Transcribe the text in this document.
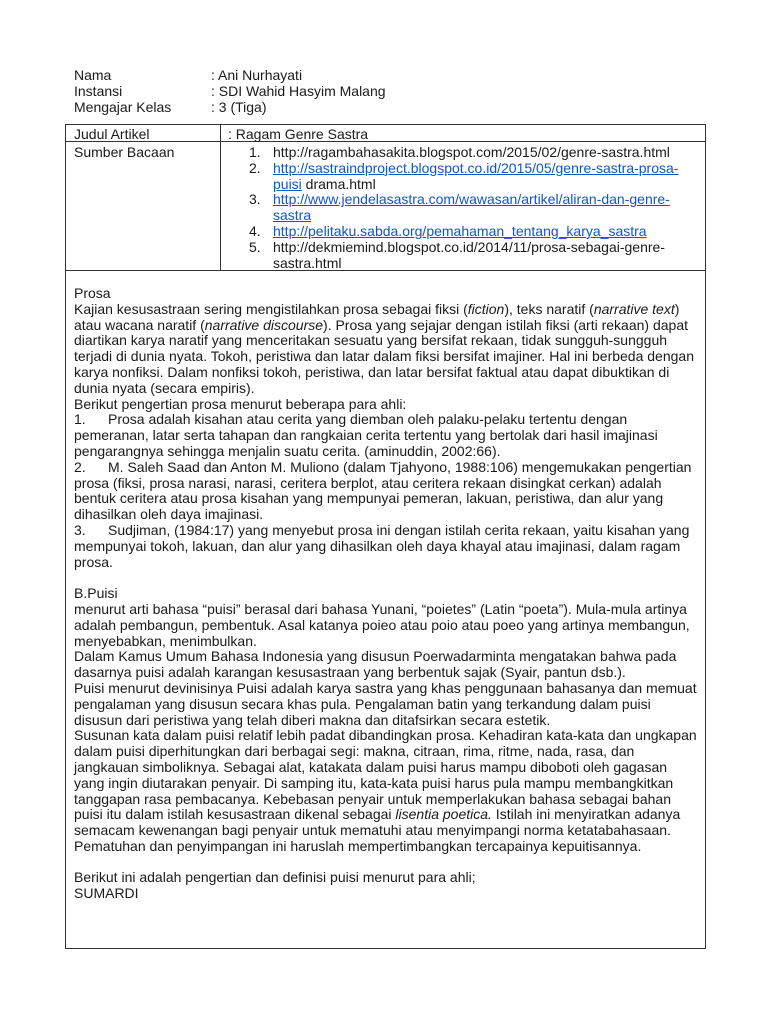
Nama	: Ani Nurhayati
Instansi	: SDI Wahid Hasyim Malang
Mengajar Kelas	: 3 (Tiga)
Judul Artikel	: Ragam Genre Sastra
Sumber Bacaan	1. http://ragambahasakita.blogspot.com/2015/02/genre-sastra.html
2. http://sastraindproject.blogspot.co.id/2015/05/genre-sastra-prosa-puisi drama.html
3. http://www.jendelasastra.com/wawasan/artikel/aliran-dan-genre-sastra
4. http://pelitaku.sabda.org/pemahaman_tentang_karya_sastra
5. http://dekmiemind.blogspot.co.id/2014/11/prosa-sebagai-genre-sastra.html

Prosa

Kajian kesusastraan sering mengistilahkan prosa sebagai fiksi (fiction), teks naratif (narrative text) atau wacana naratif (narrative discourse). Prosa yang sejajar dengan istilah fiksi (arti rekaan) dapat diartikan karya naratif yang menceritakan sesuatu yang bersifat rekaan, tidak sungguh-sungguh terjadi di dunia nyata. Tokoh, peristiwa dan latar dalam fiksi bersifat imajiner. Hal ini berbeda dengan karya nonfiksi. Dalam nonfiksi tokoh, peristiwa, dan latar bersifat faktual atau dapat dibuktikan di dunia nyata (secara empiris).

Berikut pengertian prosa menurut beberapa para ahli:

1. Prosa adalah kisahan atau cerita yang diemban oleh palaku-pelaku tertentu dengan pemeranan, latar serta tahapan dan rangkaian cerita tertentu yang bertolak dari hasil imajinasi pengarangnya sehingga menjalin suatu cerita. (aminuddin, 2002:66).

2. M. Saleh Saad dan Anton M. Muliono (dalam Tjahyono, 1988:106) mengemukakan pengertian prosa (fiksi, prosa narasi, narasi, ceritera berplot, atau ceritera rekaan disingkat cerkan) adalah bentuk ceritera atau prosa kisahan yang mempunyai pemeran, lakuan, peristiwa, dan alur yang dihasilkan oleh daya imajinasi.

3. Sudjiman, (1984:17) yang menyebut prosa ini dengan istilah cerita rekaan, yaitu kisahan yang mempunyai tokoh, lakuan, dan alur yang dihasilkan oleh daya khayal atau imajinasi, dalam ragam prosa.

B.Puisi

menurut arti bahasa “puisi” berasal dari bahasa Yunani, “poietes” (Latin “poeta”). Mula-mula artinya adalah pembangun, pembentuk. Asal katanya poieo atau poio atau poeo yang artinya membangun, menyebabkan, menimbulkan.

Dalam Kamus Umum Bahasa Indonesia yang disusun Poerwadarminta mengatakan bahwa pada dasarnya puisi adalah karangan kesusastraan yang berbentuk sajak (Syair, pantun dsb.).

Puisi menurut devinisinya Puisi adalah karya sastra yang khas penggunaan bahasanya dan memuat pengalaman yang disusun secara khas pula. Pengalaman batin yang terkandung dalam puisi disusun dari peristiwa yang telah diberi makna dan ditafsirkan secara estetik.

Susunan kata dalam puisi relatif lebih padat dibandingkan prosa. Kehadiran kata-kata dan ungkapan dalam puisi diperhitungkan dari berbagai segi: makna, citraan, rima, ritme, nada, rasa, dan jangkauan simboliknya. Sebagai alat, katakata dalam puisi harus mampu diboboti oleh gagasan yang ingin diutarakan penyair. Di samping itu, kata-kata puisi harus pula mampu membangkitkan tanggapan rasa pembacanya. Kebebasan penyair untuk memperlakukan bahasa sebagai bahan puisi itu dalam istilah kesusastraan dikenal sebagai lisentia poetica. Istilah ini menyiratkan adanya semacam kewenangan bagi penyair untuk mematuhi atau menyimpangi norma ketatabahasaan. Pematuhan dan penyimpangan ini haruslah mempertimbangkan tercapainya kepuitisannya.

Berikut ini adalah pengertian dan definisi puisi menurut para ahli;

SUMARDI
